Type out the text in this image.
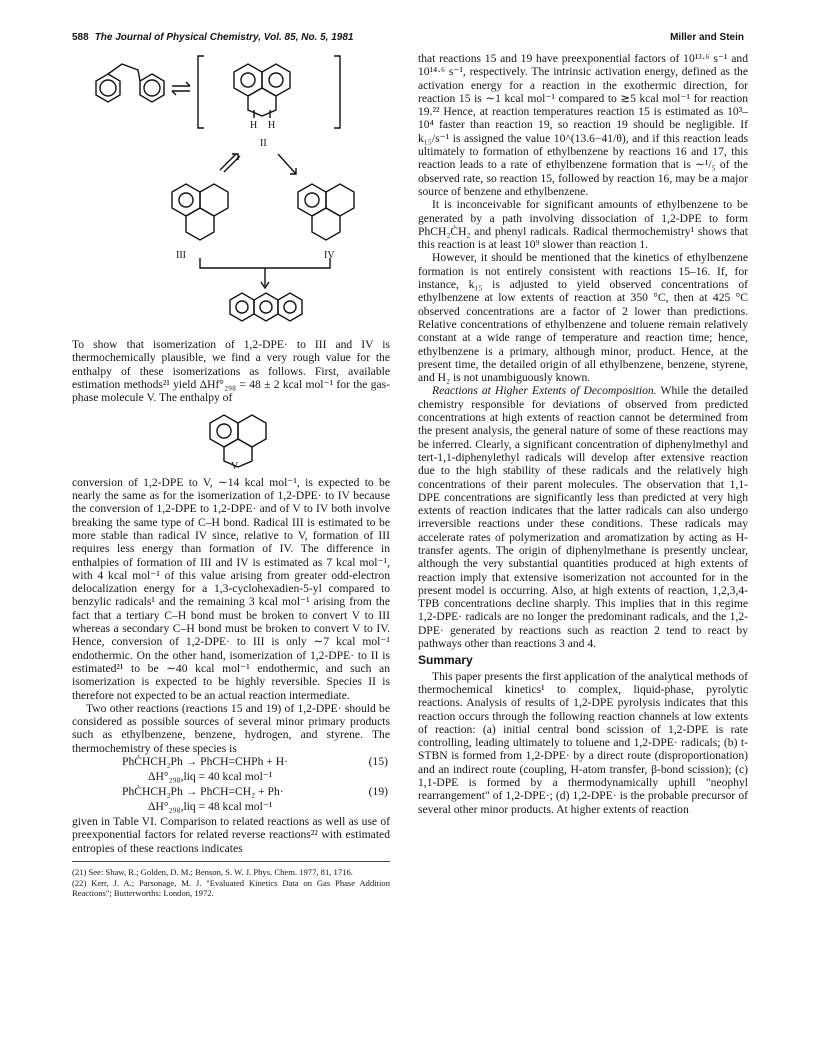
588 The Journal of Physical Chemistry, Vol. 85, No. 5, 1981	Miller and Stein
H H
II
III	IV

To show that isomerization of 1,2-DPE· to III and IV is thermochemically plausible, we find a very rough value for the enthalpy of these isomerizations as follows. First, available estimation methods²¹ yield ΔHf°₂₉₈ = 48 ± 2 kcal mol⁻¹ for the gas-phase molecule V. The enthalpy of

V

conversion of 1,2-DPE to V, ∼14 kcal mol⁻¹, is expected to be nearly the same as for the isomerization of 1,2-DPE· to IV because the conversion of 1,2-DPE to 1,2-DPE· and of V to IV both involve breaking the same type of C–H bond. Radical III is estimated to be more stable than radical IV since, relative to V, formation of III requires less energy than formation of IV. The difference in enthalpies of formation of III and IV is estimated as 7 kcal mol⁻¹, with 4 kcal mol⁻¹ of this value arising from greater odd-electron delocalization energy for a 1,3-cyclohexadien-5-yl compared to benzylic radicals¹ and the remaining 3 kcal mol⁻¹ arising from the fact that a tertiary C–H bond must be broken to convert V to III whereas a secondary C–H bond must be broken to convert V to IV. Hence, conversion of 1,2-DPE· to III is only ∼7 kcal mol⁻¹ endothermic. On the other hand, isomerization of 1,2-DPE· to II is estimated²¹ to be ∼40 kcal mol⁻¹ endothermic, and such an isomerization is expected to be highly reversible. Species II is therefore not expected to be an actual reaction intermediate.

Two other reactions (reactions 15 and 19) of 1,2-DPE· should be considered as possible sources of several minor primary products such as ethylbenzene, benzene, hydrogen, and styrene. The thermochemistry of these species is

PhĊHCH₂Ph → PhCH=CHPh + H·	(15)
ΔH°₂₉₈,liq = 40 kcal mol⁻¹
PhĊHCH₂Ph → PhCH=CH₂ + Ph·	(19)
ΔH°₂₉₈,liq = 48 kcal mol⁻¹

given in Table VI. Comparison to related reactions as well as use of preexponential factors for related reverse reactions²² with estimated entropies of these reactions indicates

(21) See: Shaw, R.; Golden, D. M.; Benson, S. W. J. Phys. Chem. 1977, 81, 1716.

(22) Kerr, J. A.; Parsonage, M. J. "Evaluated Kinetics Data on Gas Phase Addition Reactions"; Butterworths: London, 1972.

that reactions 15 and 19 have preexponential factors of 10¹³·⁶ s⁻¹ and 10¹⁴·⁶ s⁻¹, respectively. The intrinsic activation energy, defined as the activation energy for a reaction in the exothermic direction, for reaction 15 is ∼1 kcal mol⁻¹ compared to ≳5 kcal mol⁻¹ for reaction 19.²² Hence, at reaction temperatures reaction 15 is estimated as 10³–10⁴ faster than reaction 19, so reaction 19 should be negligible. If k₁₅/s⁻¹ is assigned the value 10^(13.6−41/θ), and if this reaction leads ultimately to formation of ethylbenzene by reactions 16 and 17, this reaction leads to a rate of ethylbenzene formation that is ∼¹/₅ of the observed rate, so reaction 15, followed by reaction 16, may be a major source of benzene and ethylbenzene.

It is inconceivable for significant amounts of ethylbenzene to be generated by a path involving dissociation of 1,2-DPE to form PhCH₂ĊH₂ and phenyl radicals. Radical thermochemistry¹ shows that this reaction is at least 10⁹ slower than reaction 1.

However, it should be mentioned that the kinetics of ethylbenzene formation is not entirely consistent with reactions 15–16. If, for instance, k₁₅ is adjusted to yield observed concentrations of ethylbenzene at low extents of reaction at 350 °C, then at 425 °C observed concentrations are a factor of 2 lower than predictions. Relative concentrations of ethylbenzene and toluene remain relatively constant at a wide range of temperature and reaction time; hence, ethylbenzene is a primary, although minor, product. Hence, at the present time, the detailed origin of all ethylbenzene, benzene, styrene, and H₂ is not unambiguously known.

Reactions at Higher Extents of Decomposition. While the detailed chemistry responsible for deviations of observed from predicted concentrations at high extents of reaction cannot be determined from the present analysis, the general nature of some of these reactions may be inferred. Clearly, a significant concentration of diphenylmethyl and tert-1,1-diphenylethyl radicals will develop after extensive reaction due to the high stability of these radicals and the relatively high concentrations of their parent molecules. The observation that 1,1-DPE concentrations are significantly less than predicted at very high extents of reaction indicates that the latter radicals can also undergo irreversible reactions under these conditions. These radicals may accelerate rates of polymerization and aromatization by acting as H-transfer agents. The origin of diphenylmethane is presently unclear, although the very substantial quantities produced at high extents of reaction imply that extensive isomerization not accounted for in the present model is occurring. Also, at high extents of reaction, 1,2,3,4-TPB concentrations decline sharply. This implies that in this regime 1,2-DPE· radicals are no longer the predominant radicals, and the 1,2-DPE· generated by reactions such as reaction 2 tend to react by pathways other than reactions 3 and 4.

Summary

This paper presents the first application of the analytical methods of thermochemical kinetics¹ to complex, liquid-phase, pyrolytic reactions. Analysis of results of 1,2-DPE pyrolysis indicates that this reaction occurs through the following reaction channels at low extents of reaction: (a) initial central bond scission of 1,2-DPE is rate controlling, leading ultimately to toluene and 1,2-DPE· radicals; (b) t-STBN is formed from 1,2-DPE· by a direct route (disproportionation) and an indirect route (coupling, H-atom transfer, β-bond scission); (c) 1,1-DPE is formed by a thermodynamically uphill "neophyl rearrangement" of 1,2-DPE·; (d) 1,2-DPE· is the probable precursor of several other minor products. At higher extents of reaction
